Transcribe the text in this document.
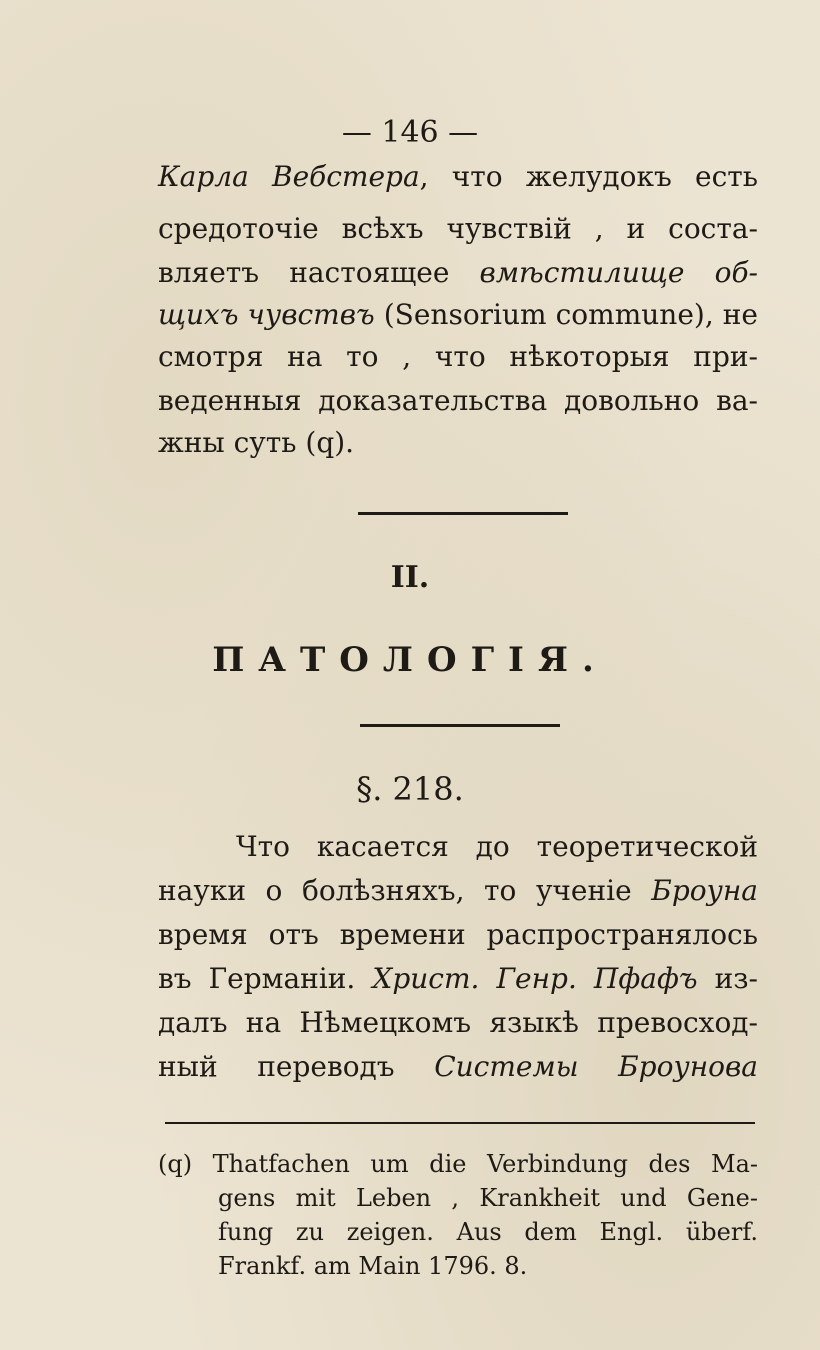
— 146 —
Карла Вебстера, что желудокъ есть
средоточіе всѣхъ чувствій , и соста-
вляетъ настоящее вмѣстилище об-
щихъ чувствъ (Sensorium commune), не
смотря на то , что нѣкоторыя при-
веденныя доказательства довольно ва-
жны суть (q).
II.
ПАТОЛОГІЯ.
§. 218.
Что касается до теоретической
науки о болѣзняхъ, то ученіе Броуна
время отъ времени распространялось
въ Германіи. Христ. Генр. Пфафъ из-
далъ на Нѣмецкомъ языкѣ превосход-
ный переводъ Системы Броунова
(q) Thatfachen um die Verbindung des Ma-
gens mit Leben , Krankheit und Gene-
fung zu zeigen. Aus dem Engl. überf.
Frankf. am Main 1796. 8.
